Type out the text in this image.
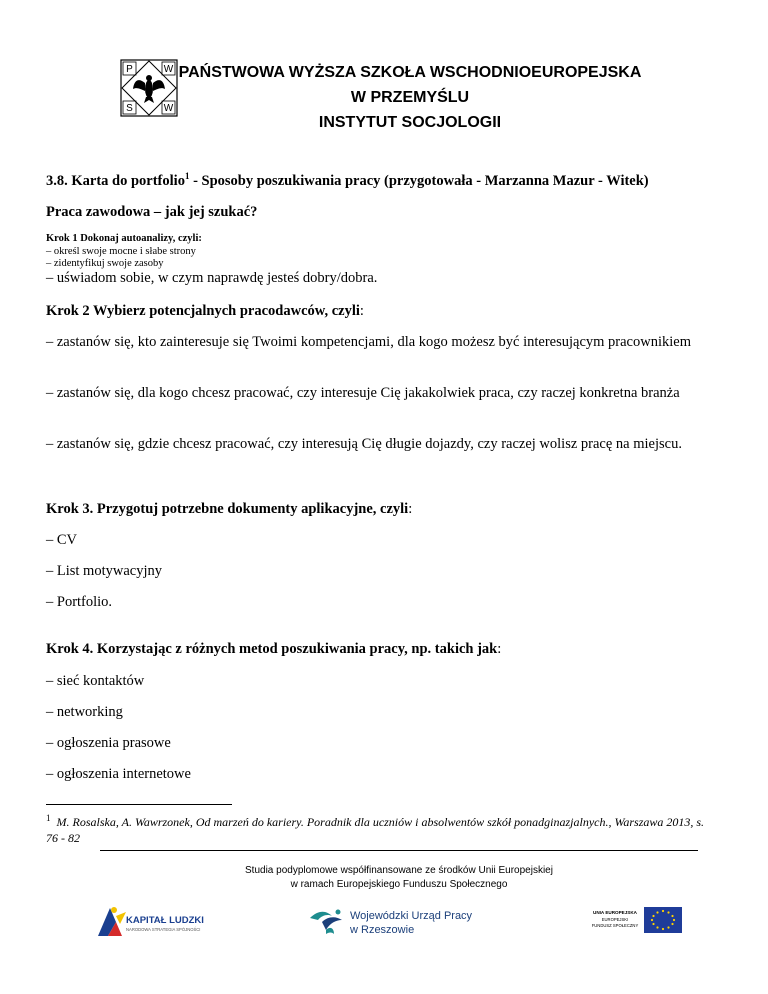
P	W
S	W
PAŃSTWOWA WYŻSZA SZKOŁA WSCHODNIOEUROPEJSKA
W PRZEMYŚLU
INSTYTUT SOCJOLOGII
3.8. Karta do portfolio$^1$ - Sposoby poszukiwania pracy (przygotowała - Marzanna Mazur - Witek)
Praca zawodowa – jak jej szukać?
Krok 1 Dokonaj autoanalizy, czyli:
– określ swoje mocne i słabe strony
– zidentyfikuj swoje zasoby
– uświadom sobie, w czym naprawdę jesteś dobry/dobra.
Krok 2 Wybierz potencjalnych pracodawców, czyli:
– zastanów się, kto zainteresuje się Twoimi kompetencjami, dla kogo możesz być interesującym pracownikiem
– zastanów się, dla kogo chcesz pracować, czy interesuje Cię jakakolwiek praca, czy raczej konkretna branża
– zastanów się, gdzie chcesz pracować, czy interesują Cię długie dojazdy, czy raczej wolisz pracę na miejscu.
Krok 3. Przygotuj potrzebne dokumenty aplikacyjne, czyli:
– CV
– List motywacyjny
– Portfolio.
Krok 4. Korzystając z różnych metod poszukiwania pracy, np. takich jak:
– sieć kontaktów
– networking
– ogłoszenia prasowe
– ogłoszenia internetowe
$^1$ M. Rosalska, A. Wawrzonek, Od marzeń do kariery. Poradnik dla uczniów i absolwentów szkół ponadginazjalnych., Warszawa 2013, s. 76 - 82
Studia podyplomowe współfinansowane ze środków Unii Europejskiej
w ramach Europejskiego Funduszu Społecznego
KAPITAŁ LUDZKI
NARODOWA STRATEGIA SPÓJNOŚCI
Wojewódzki Urząd Pracy
w Rzeszowie
UNIA EUROPEJSKA
EUROPEJSKI
FUNDUSZ SPOŁECZNY
